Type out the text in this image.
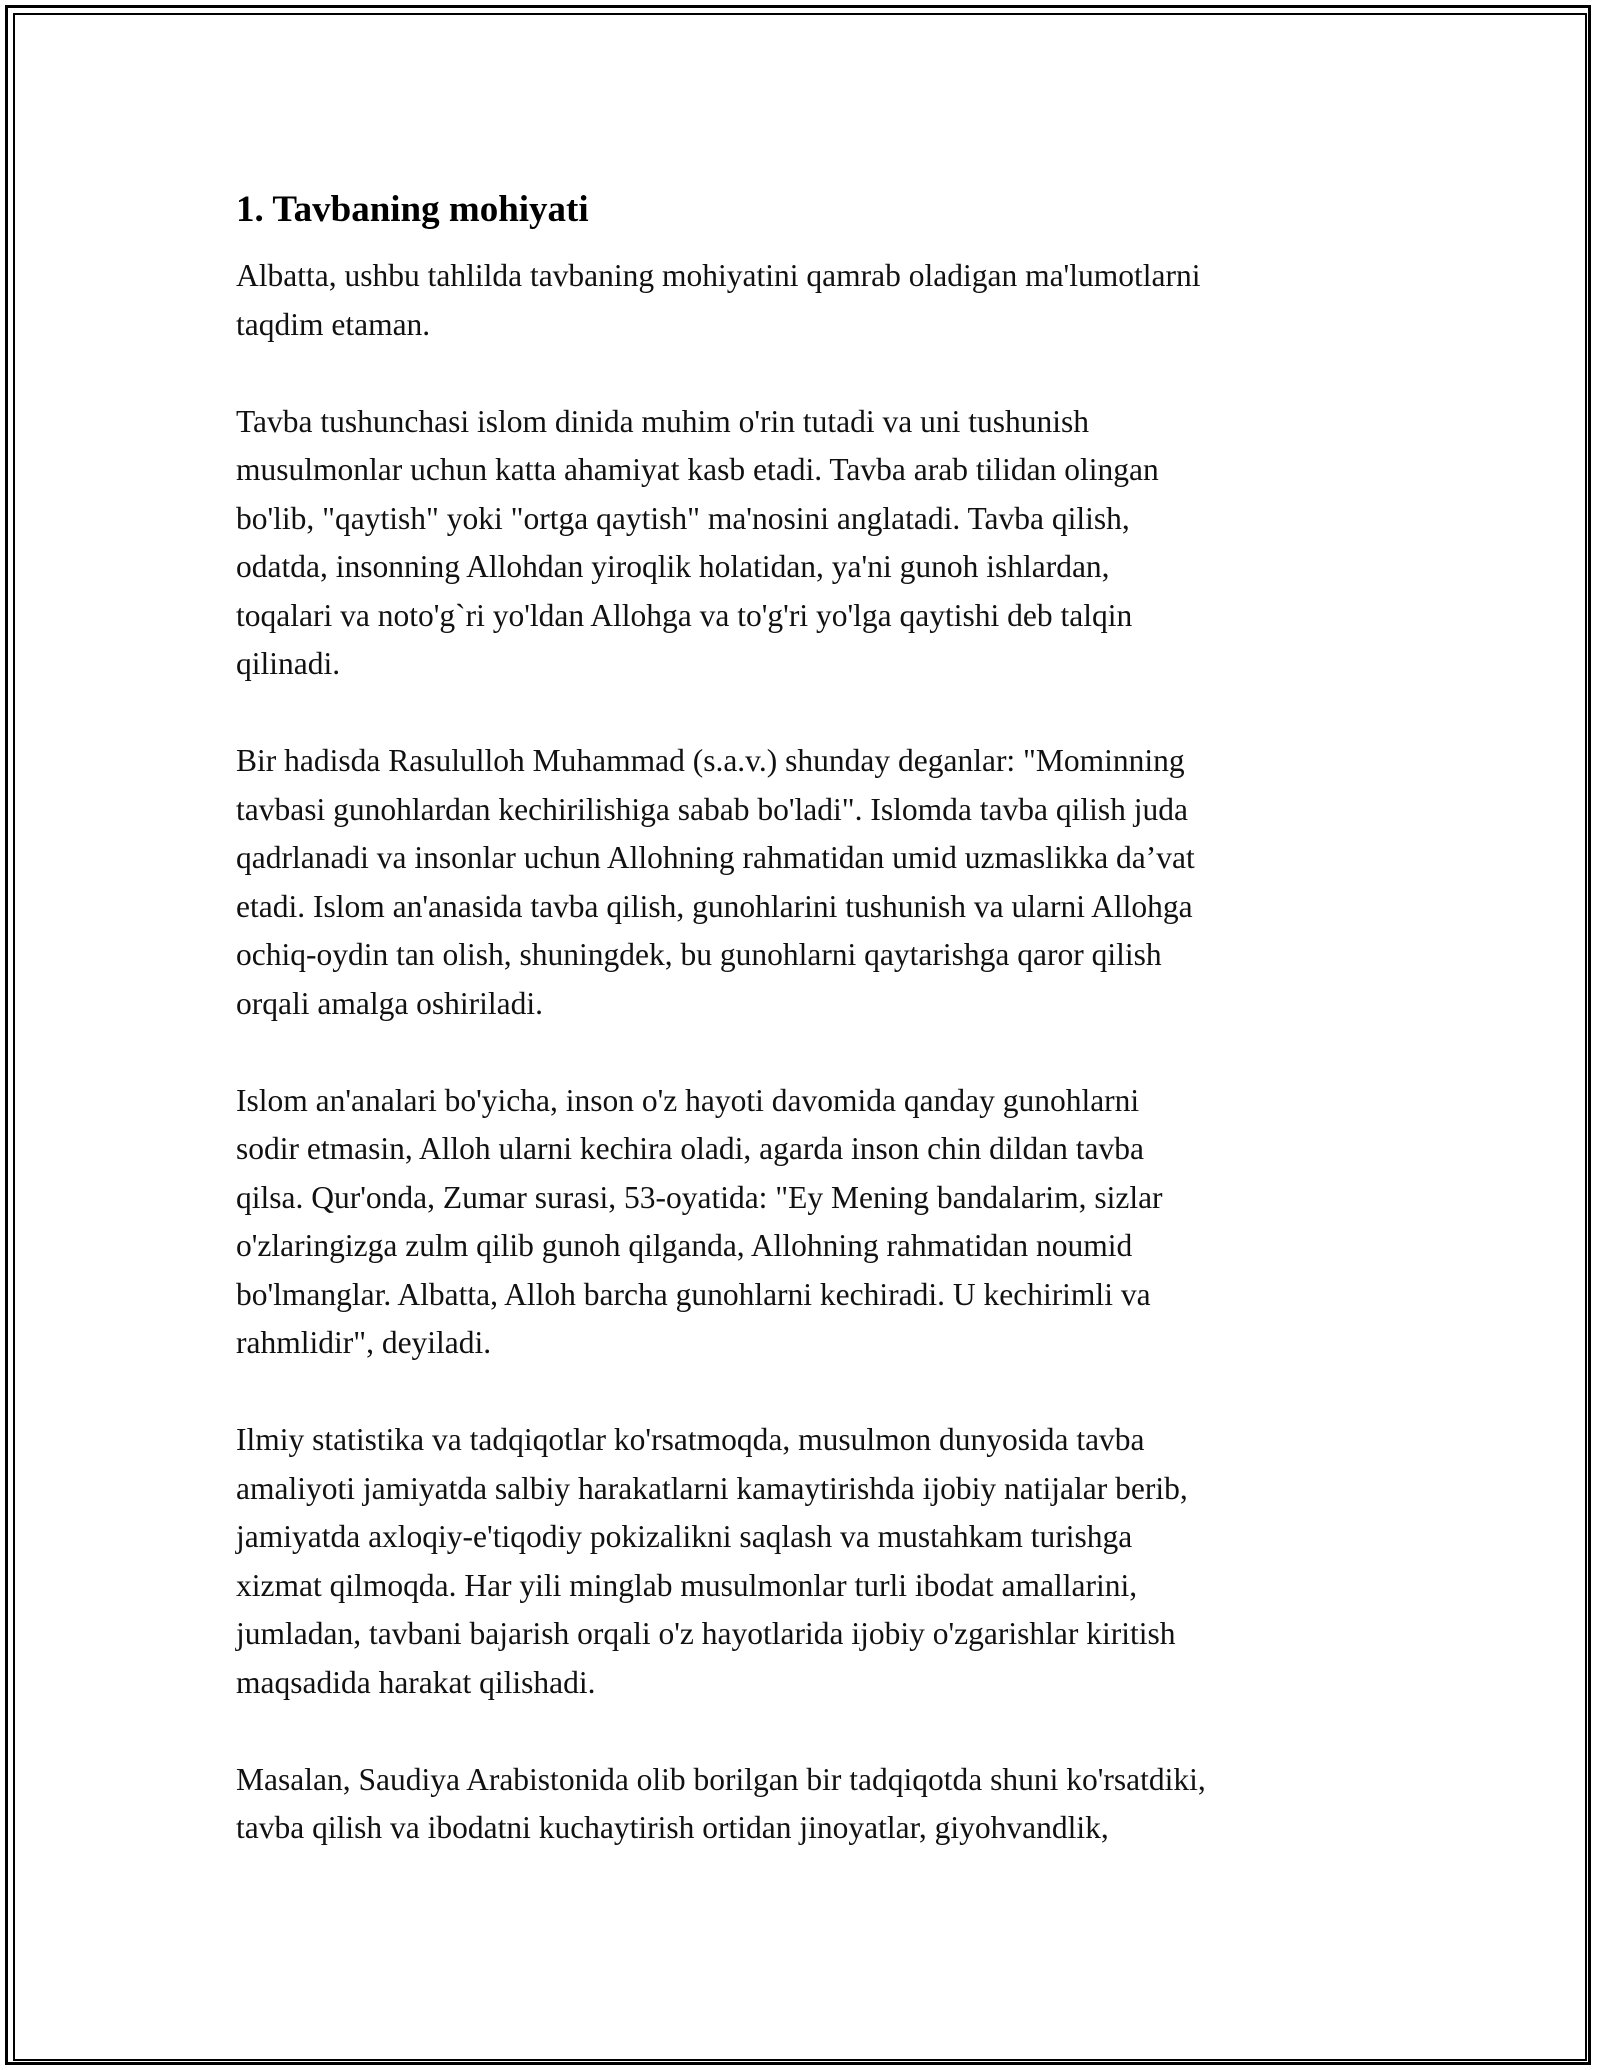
1. Tavbaning mohiyati

Albatta, ushbu tahlilda tavbaning mohiyatini qamrab oladigan ma'lumotlarni
taqdim etaman.

Tavba tushunchasi islom dinida muhim o'rin tutadi va uni tushunish
musulmonlar uchun katta ahamiyat kasb etadi. Tavba arab tilidan olingan
bo'lib, "qaytish" yoki "ortga qaytish" ma'nosini anglatadi. Tavba qilish,
odatda, insonning Allohdan yiroqlik holatidan, ya'ni gunoh ishlardan,
toqalari va noto'g`ri yo'ldan Allohga va to'g'ri yo'lga qaytishi deb talqin
qilinadi.

Bir hadisda Rasululloh Muhammad (s.a.v.) shunday deganlar: "Mominning
tavbasi gunohlardan kechirilishiga sabab bo'ladi". Islomda tavba qilish juda
qadrlanadi va insonlar uchun Allohning rahmatidan umid uzmaslikka da’vat
etadi. Islom an'anasida tavba qilish, gunohlarini tushunish va ularni Allohga
ochiq-oydin tan olish, shuningdek, bu gunohlarni qaytarishga qaror qilish
orqali amalga oshiriladi.

Islom an'analari bo'yicha, inson o'z hayoti davomida qanday gunohlarni
sodir etmasin, Alloh ularni kechira oladi, agarda inson chin dildan tavba
qilsa. Qur'onda, Zumar surasi, 53-oyatida: "Ey Mening bandalarim, sizlar
o'zlaringizga zulm qilib gunoh qilganda, Allohning rahmatidan noumid
bo'lmanglar. Albatta, Alloh barcha gunohlarni kechiradi. U kechirimli va
rahmlidir", deyiladi.

Ilmiy statistika va tadqiqotlar ko'rsatmoqda, musulmon dunyosida tavba
amaliyoti jamiyatda salbiy harakatlarni kamaytirishda ijobiy natijalar berib,
jamiyatda axloqiy-e'tiqodiy pokizalikni saqlash va mustahkam turishga
xizmat qilmoqda. Har yili minglab musulmonlar turli ibodat amallarini,
jumladan, tavbani bajarish orqali o'z hayotlarida ijobiy o'zgarishlar kiritish
maqsadida harakat qilishadi.

Masalan, Saudiya Arabistonida olib borilgan bir tadqiqotda shuni ko'rsatdiki,
tavba qilish va ibodatni kuchaytirish ortidan jinoyatlar, giyohvandlik,
